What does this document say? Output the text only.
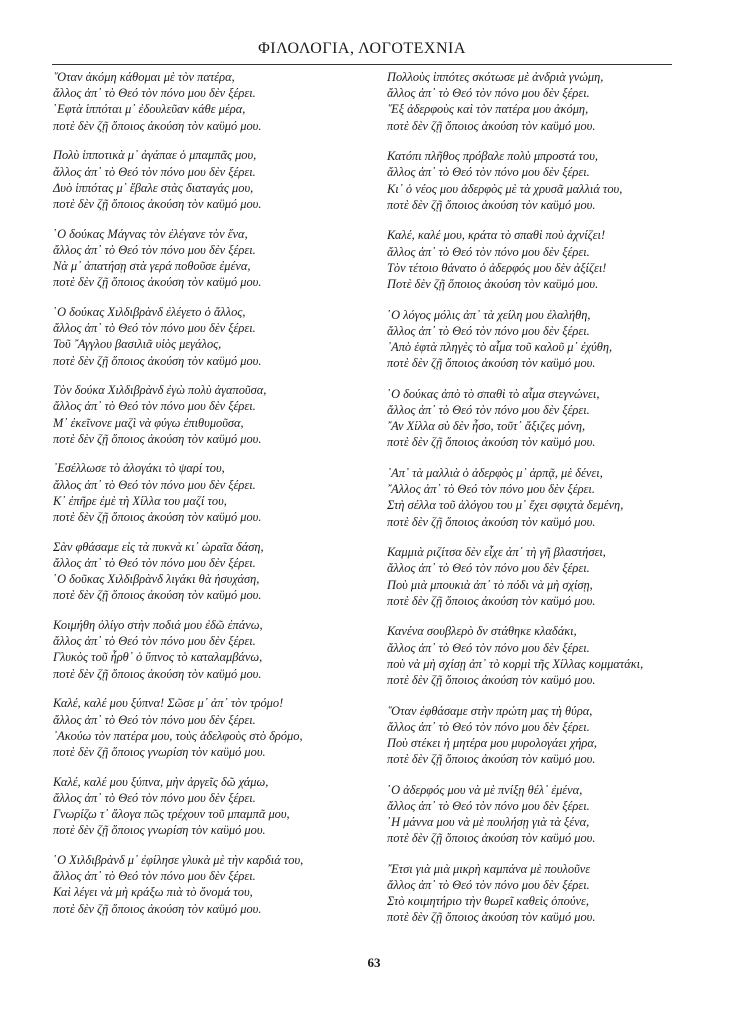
ΦΙΛΟΛΟΓΙΑ, ΛΟΓΟΤΕΧΝΙΑ
῞Οταν ἀκόμη κάθομαι μὲ τὸν πατέρα,
ἄλλος ἀπ᾽ τὸ Θεό τὸν πόνο μου δὲν ξέρει.
῾Εφτὰ ἱππόται μ᾽ ἐδουλεῦαν κάθε μέρα,
ποτὲ δὲν ζῇ ὅποιος ἀκούση τὸν καϋμό μου.
Πολὺ ἱπποτικὰ μ᾽ ἀγάπαε ὁ μπαμπᾶς μου,
ἄλλος ἀπ᾽ τὸ Θεό τὸν πόνο μου δὲν ξέρει.
Δυὸ ἱππότας μ᾽ ἔβαλε στὰς διαταγάς μου,
ποτὲ δὲν ζῇ ὅποιος ἀκούση τὸν καϋμό μου.
῾Ο δούκας Μάγνας τὸν ἐλέγανε τὸν ἕνα,
ἄλλος ἀπ᾽ τὸ Θεό τὸν πόνο μου δὲν ξέρει.
Νὰ μ᾽ ἀπατήσῃ στὰ γερά ποθοῦσε ἐμένα,
ποτὲ δὲν ζῇ ὅποιος ἀκούση τὸν καϋμό μου.
῾Ο δούκας Χιλδιβρὰνδ ἐλέγετο ὁ ἄλλος,
ἄλλος ἀπ᾽ τὸ Θεό τὸν πόνο μου δὲν ξέρει.
Τοῦ ῎Αγγλου βασιλιᾶ υἱὸς μεγάλος,
ποτὲ δὲν ζῇ ὅποιος ἀκούση τὸν καϋμό μου.
Τὸν δούκα Χιλδιβρὰνδ ἐγὼ πολὺ ἀγαποῦσα,
ἄλλος ἀπ᾽ τὸ Θεό τὸν πόνο μου δὲν ξέρει.
Μ᾽ ἐκεῖνονε μαζὶ νὰ φύγω ἐπιθυμοῦσα,
ποτὲ δὲν ζῇ ὅποιος ἀκούση τὸν καϋμό μου.
᾽Εσέλλωσε τὸ ἀλογάκι τὸ ψαρί του,
ἄλλος ἀπ᾽ τὸ Θεό τὸν πόνο μου δὲν ξέρει.
Κ᾽ ἐπῆρε ἐμὲ τὴ Χίλλα του μαζί του,
ποτὲ δὲν ζῇ ὅποιος ἀκούση τὸν καϋμό μου.
Σὰν φθάσαμε εἰς τὰ πυκνὰ κι᾽ ὡραῖα δάση,
ἄλλος ἀπ᾽ τὸ Θεό τὸν πόνο μου δὲν ξέρει.
῾Ο δοῦκας Χιλδιβρὰνδ λιγάκι θὰ ἡσυχάση,
ποτὲ δὲν ζῇ ὅποιος ἀκούση τὸν καϋμό μου.
Κοιμήθη ὀλίγο στὴν ποδιά μου ἐδῶ ἐπάνω,
ἄλλος ἀπ᾽ τὸ Θεό τὸν πόνο μου δὲν ξέρει.
Γλυκὸς τοῦ ἦρθ᾽ ὁ ὕπνος τὸ καταλαμβάνω,
ποτὲ δὲν ζῇ ὅποιος ἀκούση τὸν καϋμό μου.
Καλέ, καλέ μου ξύπνα! Σῶσε μ᾽ ἀπ᾽ τὸν τρόμο!
ἄλλος ἀπ᾽ τὸ Θεό τὸν πόνο μου δὲν ξέρει.
᾽Ακούω τὸν πατέρα μου, τοὺς ἀδελφοὺς στὸ δρόμο,
ποτὲ δὲν ζῇ ὅποιος γνωρίση τὸν καϋμό μου.
Καλέ, καλέ μου ξύπνα, μὴν ἀργεῖς δῶ χάμω,
ἄλλος ἀπ᾽ τὸ Θεό τὸν πόνο μου δὲν ξέρει.
Γνωρίζω τ᾽ ἄλογα πῶς τρέχουν τοῦ μπαμπᾶ μου,
ποτὲ δὲν ζῇ ὅποιος γνωρίση τὸν καϋμό μου.
῾Ο Χιλδιβρὰνδ μ᾽ ἐφίλησε γλυκὰ μὲ τὴν καρδιά του,
ἄλλος ἀπ᾽ τὸ Θεό τὸν πόνο μου δὲν ξέρει.
Καὶ λέγει νὰ μὴ κράξω πιὰ τὸ ὄνομά του,
ποτὲ δὲν ζῇ ὅποιος ἀκούση τὸν καϋμό μου.
Πολλοὺς ἱππότες σκότωσε μὲ ἀνδριὰ γνώμη,
ἄλλος ἀπ᾽ τὸ Θεό τὸν πόνο μου δὲν ξέρει.
῞Εξ ἀδερφοὺς καὶ τὸν πατέρα μου ἀκόμη,
ποτὲ δὲν ζῇ ὅποιος ἀκούση τὸν καϋμό μου.
Κατόπι πλῆθος πρόβαλε πολὺ μπροστά του,
ἄλλος ἀπ᾽ τὸ Θεό τὸν πόνο μου δὲν ξέρει.
Κι᾽ ὁ νέος μου ἀδερφὸς μὲ τὰ χρυσᾶ μαλλιά του,
ποτὲ δὲν ζῇ ὅποιος ἀκούση τὸν καϋμό μου.
Καλέ, καλέ μου, κράτα τὸ σπαθὶ ποὺ ἀχνίζει!
ἄλλος ἀπ᾽ τὸ Θεό τὸν πόνο μου δὲν ξέρει.
Τὸν τέτοιο θάνατο ὁ ἀδερφός μου δὲν ἀξίζει!
Ποτὲ δὲν ζῇ ὅποιος ἀκούση τὸν καϋμό μου.
῾Ο λόγος μόλις ἀπ᾽ τὰ χείλη μου ἐλαλήθη,
ἄλλος ἀπ᾽ τὸ Θεό τὸν πόνο μου δὲν ξέρει.
᾽Απὸ ἑφτὰ πληγὲς τὸ αἷμα τοῦ καλοῦ μ᾽ ἐχύθη,
ποτὲ δὲν ζῇ ὅποιος ἀκούση τὸν καϋμό μου.
῾Ο δούκας ἀπὸ τὸ σπαθὶ τὸ αἷμα στεγνώνει,
ἄλλος ἀπ᾽ τὸ Θεό τὸν πόνο μου δὲν ξέρει.
῎Αν Χίλλα σὺ δὲν ἦσο, τοῦτ᾽ ἄξιζες μόνη,
ποτὲ δὲν ζῇ ὅποιος ἀκούση τὸν καϋμό μου.
᾽Απ᾽ τὰ μαλλιὰ ὁ ἀδερφὸς μ᾽ ἁρπᾷ, μὲ δένει,
῎Αλλος ἀπ᾽ τὸ Θεό τὸν πόνο μου δὲν ξέρει.
Στὴ σέλλα τοῦ ἀλόγου του μ᾽ ἔχει σφιχτὰ δεμένη,
ποτὲ δὲν ζῇ ὅποιος ἀκούση τὸν καϋμό μου.
Καμμιὰ ριζίτσα δὲν εἶχε ἀπ᾽ τὴ γῆ βλαστήσει,
ἄλλος ἀπ᾽ τὸ Θεό τὸν πόνο μου δὲν ξέρει.
Ποὺ μιὰ μπουκιὰ ἀπ᾽ τὸ πόδι νὰ μὴ σχίσῃ,
ποτὲ δὲν ζῇ ὅποιος ἀκούση τὸν καϋμό μου.
Κανένα σουβλερὸ δν στάθηκε κλαδάκι,
ἄλλος ἀπ᾽ τὸ Θεό τὸν πόνο μου δὲν ξέρει.
ποὺ νὰ μὴ σχίσῃ ἀπ᾽ τὸ κορμὶ τῆς Χίλλας κομματάκι,
ποτὲ δὲν ζῇ ὅποιος ἀκούση τὸν καϋμό μου.
῞Οταν ἐφθάσαμε στὴν πρώτη μας τὴ θύρα,
ἄλλος ἀπ᾽ τὸ Θεό τὸν πόνο μου δὲν ξέρει.
Ποὺ στέκει ἡ μητέρα μου μυρολογάει χήρα,
ποτὲ δὲν ζῇ ὅποιος ἀκούση τὸν καϋμό μου.
῾Ο ἀδερφός μου νὰ μὲ πνίξῃ θέλ᾽ ἐμένα,
ἄλλος ἀπ᾽ τὸ Θεό τὸν πόνο μου δὲν ξέρει.
῾Η μάννα μου νὰ μὲ πουλήσῃ γιὰ τὰ ξένα,
ποτὲ δὲν ζῇ ὅποιος ἀκούση τὸν καϋμό μου.
῎Ετσι γιὰ μιὰ μικρὴ καμπάνα μὲ πουλοῦνε
ἄλλος ἀπ᾽ τὸ Θεό τὸν πόνο μου δὲν ξέρει.
Στὸ κοιμητήριο τὴν θωρεῖ καθεὶς ὁπούνε,
ποτὲ δὲν ζῇ ὅποιος ἀκούση τὸν καϋμό μου.
63
